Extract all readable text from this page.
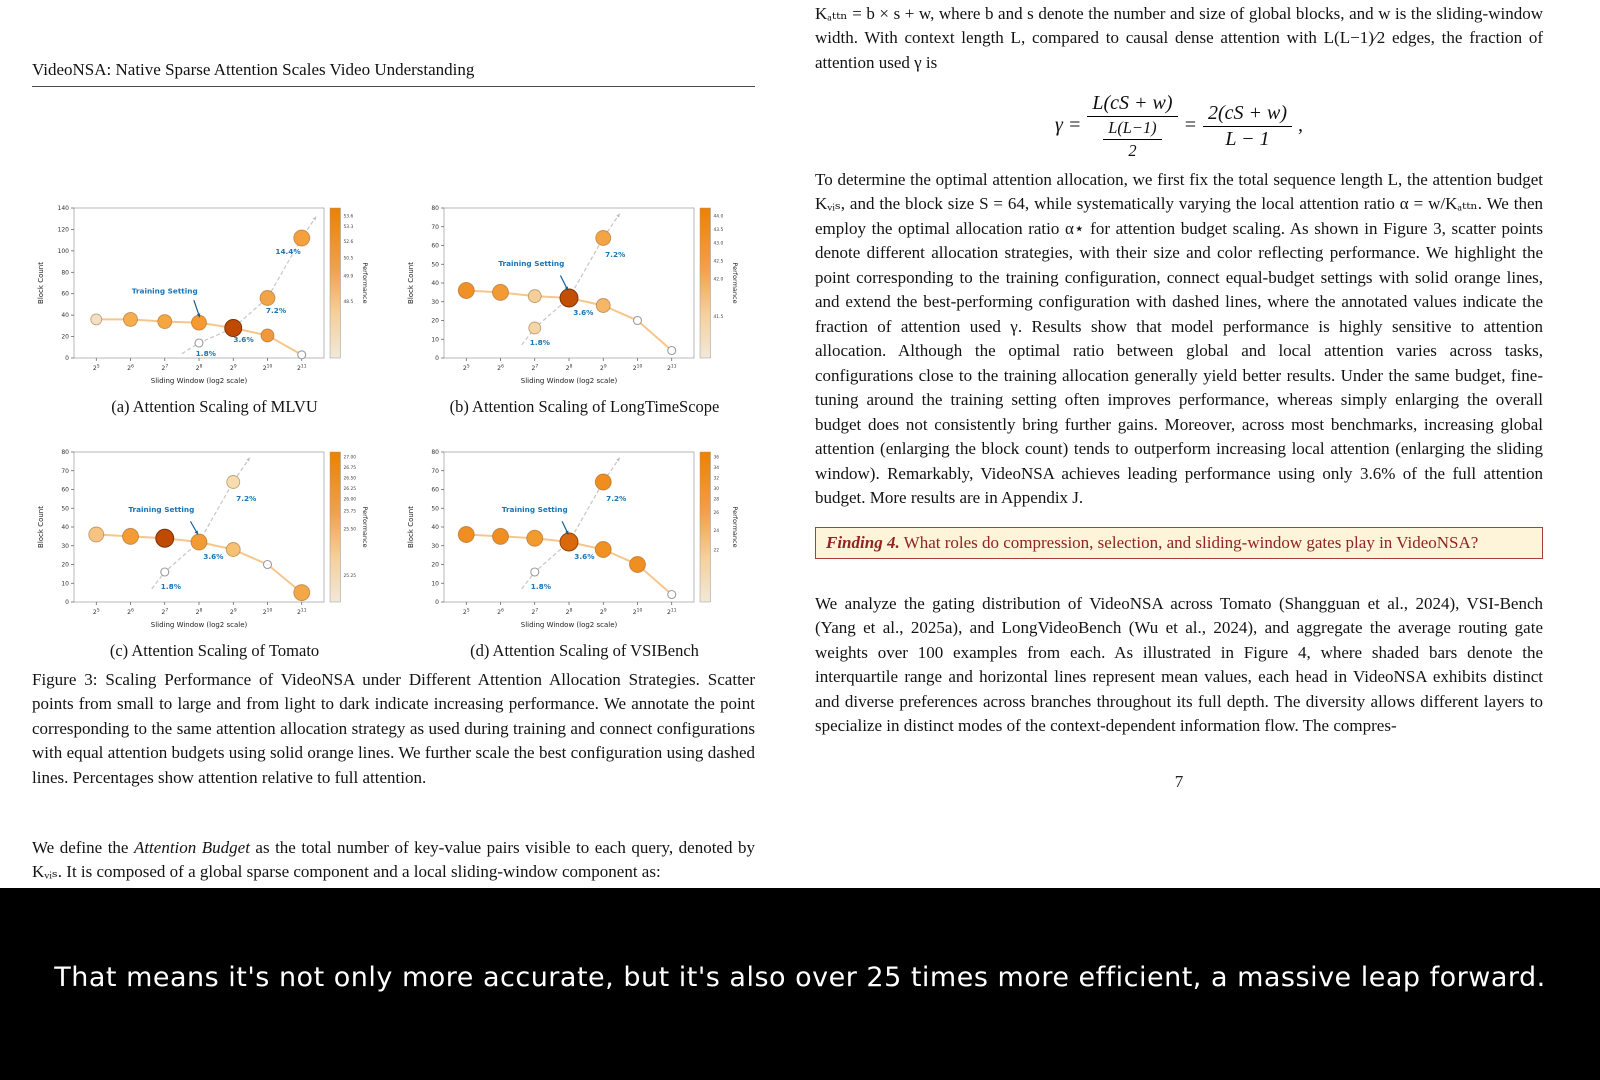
VideoNSA: Native Sparse Attention Scales Video Understanding
0
20
40
60
80
100
120
140
$2^5$	$2^6$	$2^7$	$2^8$	$2^9$	$2^{10}$	$2^{11}$
Sliding Window (log2 scale)
Block Count	Training Setting
14.4%
7.2%
3.6%
1.8%
53.6
53.3
52.6
50.5
49.9
48.5 Performance
(a) Attention Scaling of MLVU
0
10
20
30
40
50
60
70
80
$2^5$	$2^6$	$2^7$	$2^8$	$2^9$	$2^{10}$	$2^{11}$
Sliding Window (log2 scale)
Block Count	Training Setting
7.2%
3.6%
1.8%
44.0
43.5
43.0
42.5
42.0
41.5
Performance
(b) Attention Scaling of LongTimeScope
0
10
20
30
40
50
60
70
80
$2^5$	$2^6$	$2^7$	$2^8$	$2^9$	$2^{10}$	$2^{11}$
Sliding Window (log2 scale)
Block Count	Training Setting
7.2%
3.6%
1.8%
27.00
26.75
26.50
26.25
26.00
25.75
25.50
25.25
Performance
(c) Attention Scaling of Tomato
0
10
20
30
40
50
60
70
80
$2^5$	$2^6$	$2^7$	$2^8$	$2^9$	$2^{10}$	$2^{11}$
Sliding Window (log2 scale)
Block Count	Training Setting
7.2%
3.6%
1.8%
36
34
32
30
28
26
24
22
Performance
(d) Attention Scaling of VSIBench
Figure 3: Scaling Performance of VideoNSA under Different Attention Allocation Strategies. Scatter points from small to large and from light to dark indicate increasing performance. We annotate the point corresponding to the same attention allocation strategy as used during training and connect configurations with equal attention budgets using solid orange lines. We further scale the best configuration using dashed lines. Percentages show attention relative to full attention.
We define the Attention Budget as the total number of key-value pairs visible to each query, denoted by Kᵥᵢₛ. It is composed of a global sparse component and a local sliding-window component as:
Kₐₜₜₙ = b × s + w, where b and s denote the number and size of global blocks, and w is the sliding-window width. With context length L, compared to causal dense attention with L(L−1)⁄2 edges, the fraction of attention used γ is
$\gamma = \frac{L(cS + w)}{\frac{L(L-1)}{2}} = \frac{2(cS + w)}{L - 1}$ ,
To determine the optimal attention allocation, we first fix the total sequence length L, the attention budget Kᵥᵢₛ, and the block size S = 64, while systematically varying the local attention ratio α = w/Kₐₜₜₙ. We then employ the optimal allocation ratio α⋆ for attention budget scaling. As shown in Figure 3, scatter points denote different allocation strategies, with their size and color reflecting performance. We highlight the point corresponding to the training configuration, connect equal-budget settings with solid orange lines, and extend the best-performing configuration with dashed lines, where the annotated values indicate the fraction of attention used γ. Results show that model performance is highly sensitive to attention allocation. Although the optimal ratio between global and local attention varies across tasks, configurations close to the training allocation generally yield better results. Under the same budget, fine-tuning around the training setting often improves performance, whereas simply enlarging the overall budget does not consistently bring further gains. Moreover, across most benchmarks, increasing global attention (enlarging the block count) tends to outperform increasing local attention (enlarging the sliding window). Remarkably, VideoNSA achieves leading performance using only 3.6% of the full attention budget. More results are in Appendix J.
Finding 4. What roles do compression, selection, and sliding-window gates play in VideoNSA?
We analyze the gating distribution of VideoNSA across Tomato (Shangguan et al., 2024), VSI-Bench (Yang et al., 2025a), and LongVideoBench (Wu et al., 2024), and aggregate the average routing gate weights over 100 examples from each. As illustrated in Figure 4, where shaded bars denote the interquartile range and horizontal lines represent mean values, each head in VideoNSA exhibits distinct and diverse preferences across branches throughout its full depth. The diversity allows different layers to specialize in distinct modes of the context-dependent information flow. The compres-
7
That means it's not only more accurate, but it's also over 25 times more efficient, a massive leap forward.
